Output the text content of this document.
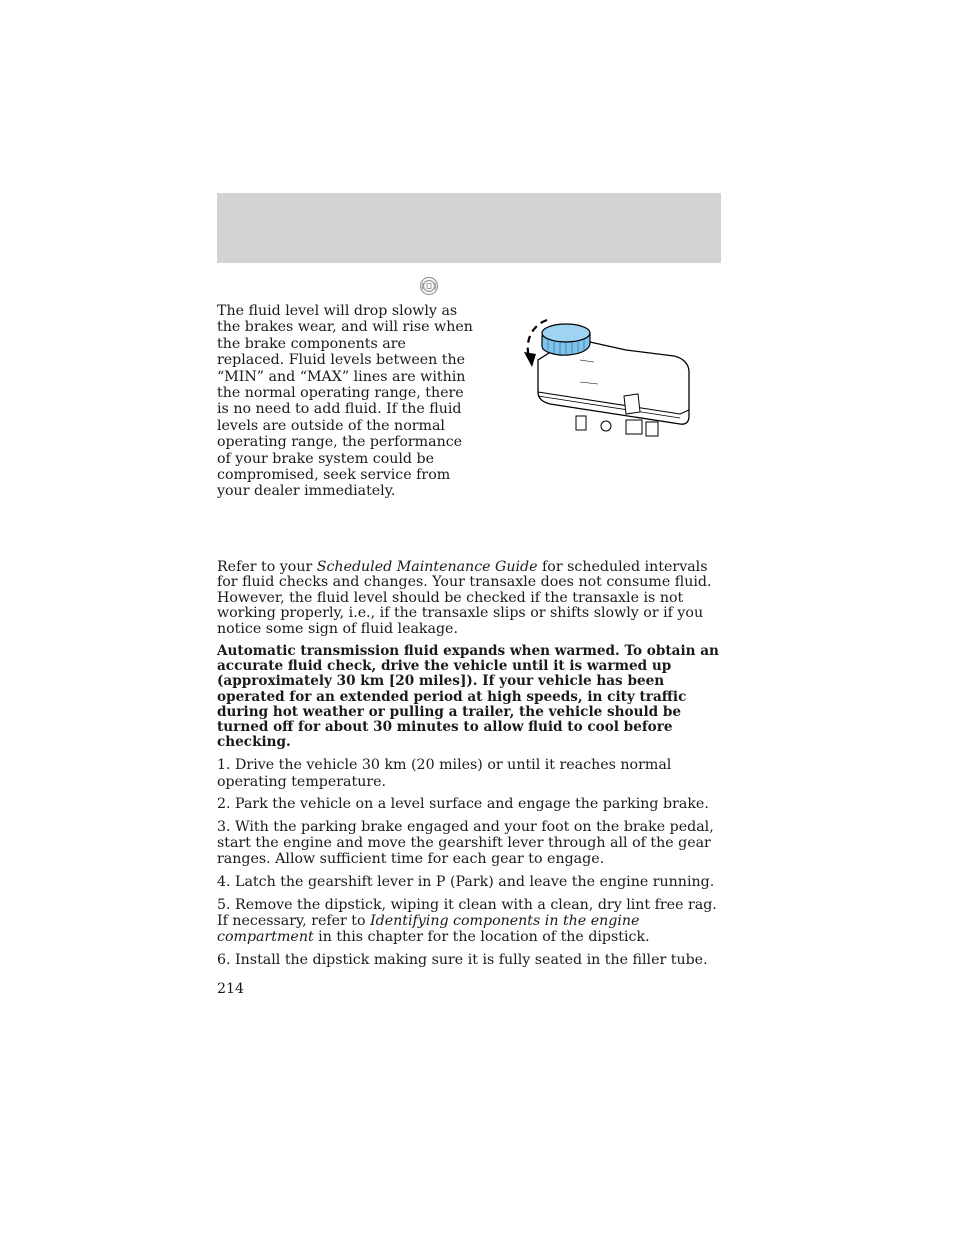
The fluid level will drop slowly as the brakes wear, and will rise when the brake components are replaced. Fluid levels between the “MIN” and “MAX” lines are within the normal operating range, there is no need to add fluid. If the fluid levels are outside of the normal operating range, the performance of your brake system could be compromised, seek service from your dealer immediately.

Refer to your Scheduled Maintenance Guide for scheduled intervals for fluid checks and changes. Your transaxle does not consume fluid. However, the fluid level should be checked if the transaxle is not working properly, i.e., if the transaxle slips or shifts slowly or if you notice some sign of fluid leakage.

Automatic transmission fluid expands when warmed. To obtain an accurate fluid check, drive the vehicle until it is warmed up (approximately 30 km [20 miles]). If your vehicle has been operated for an extended period at high speeds, in city traffic during hot weather or pulling a trailer, the vehicle should be turned off for about 30 minutes to allow fluid to cool before checking.

1. Drive the vehicle 30 km (20 miles) or until it reaches normal operating temperature.

2. Park the vehicle on a level surface and engage the parking brake.

3. With the parking brake engaged and your foot on the brake pedal, start the engine and move the gearshift lever through all of the gear ranges. Allow sufficient time for each gear to engage.

4. Latch the gearshift lever in P (Park) and leave the engine running.

5. Remove the dipstick, wiping it clean with a clean, dry lint free rag. If necessary, refer to Identifying components in the engine compartment in this chapter for the location of the dipstick.

6. Install the dipstick making sure it is fully seated in the filler tube.

214
